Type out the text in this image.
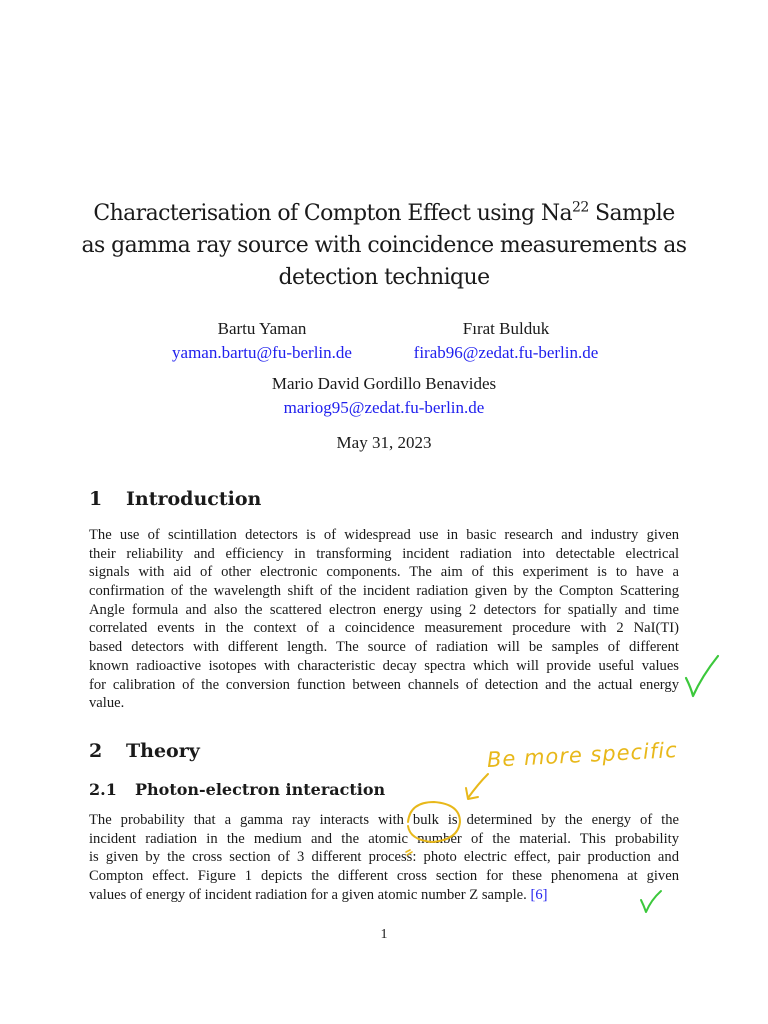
Characterisation of Compton Effect using Na$^{22}$ Sample
as gamma ray source with coincidence measurements as
detection technique
Bartu Yaman
yaman.bartu@fu-berlin.de
Fırat Bulduk
firab96@zedat.fu-berlin.de
Mario David Gordillo Benavides
mariog95@zedat.fu-berlin.de
May 31, 2023
1 Introduction

The use of scintillation detectors is of widespread use in basic research and industry given
their reliability and efficiency in transforming incident radiation into detectable electrical
signals with aid of other electronic components. The aim of this experiment is to have a
confirmation of the wavelength shift of the incident radiation given by the Compton Scattering
Angle formula and also the scattered electron energy using 2 detectors for spatially and time
correlated events in the context of a coincidence measurement procedure with 2 NaI(TI)
based detectors with different length. The source of radiation will be samples of different
known radioactive isotopes with characteristic decay spectra which will provide useful values
for calibration of the conversion function between channels of detection and the actual energy
value.

2 Theory
2.1 Photon-electron interaction

The probability that a gamma ray interacts with bulk is determined by the energy of the
incident radiation in the medium and the atomic number of the material. This probability
is given by the cross section of 3 different process: photo electric effect, pair production and
Compton effect. Figure 1 depicts the different cross section for these phenomena at given
values of energy of incident radiation for a given atomic number Z sample. [6]

1
Be more specific
